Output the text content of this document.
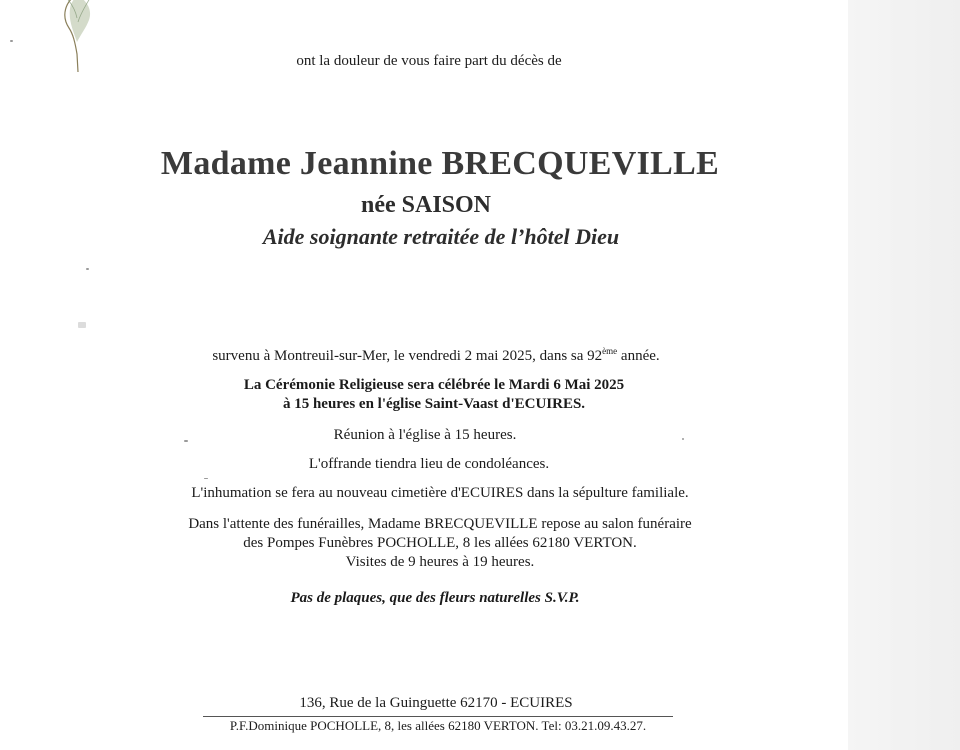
ont la douleur de vous faire part du décès de
Madame Jeannine BRECQUEVILLE
née SAISON
Aide soignante retraitée de l’hôtel Dieu
survenu à Montreuil-sur-Mer, le vendredi 2 mai 2025, dans sa 92ème année.
La Cérémonie Religieuse sera célébrée le Mardi 6 Mai 2025
à 15 heures en l'église Saint-Vaast d'ECUIRES.
Réunion à l'église à 15 heures.
L'offrande tiendra lieu de condoléances.
L'inhumation se fera au nouveau cimetière d'ECUIRES dans la sépulture familiale.
Dans l'attente des funérailles, Madame BRECQUEVILLE repose au salon funéraire
des Pompes Funèbres POCHOLLE, 8 les allées 62180 VERTON.
Visites de 9 heures à 19 heures.
Pas de plaques, que des fleurs naturelles S.V.P.
136, Rue de la Guinguette 62170 - ECUIRES
P.F.Dominique POCHOLLE, 8, les allées 62180 VERTON. Tel: 03.21.09.43.27.
